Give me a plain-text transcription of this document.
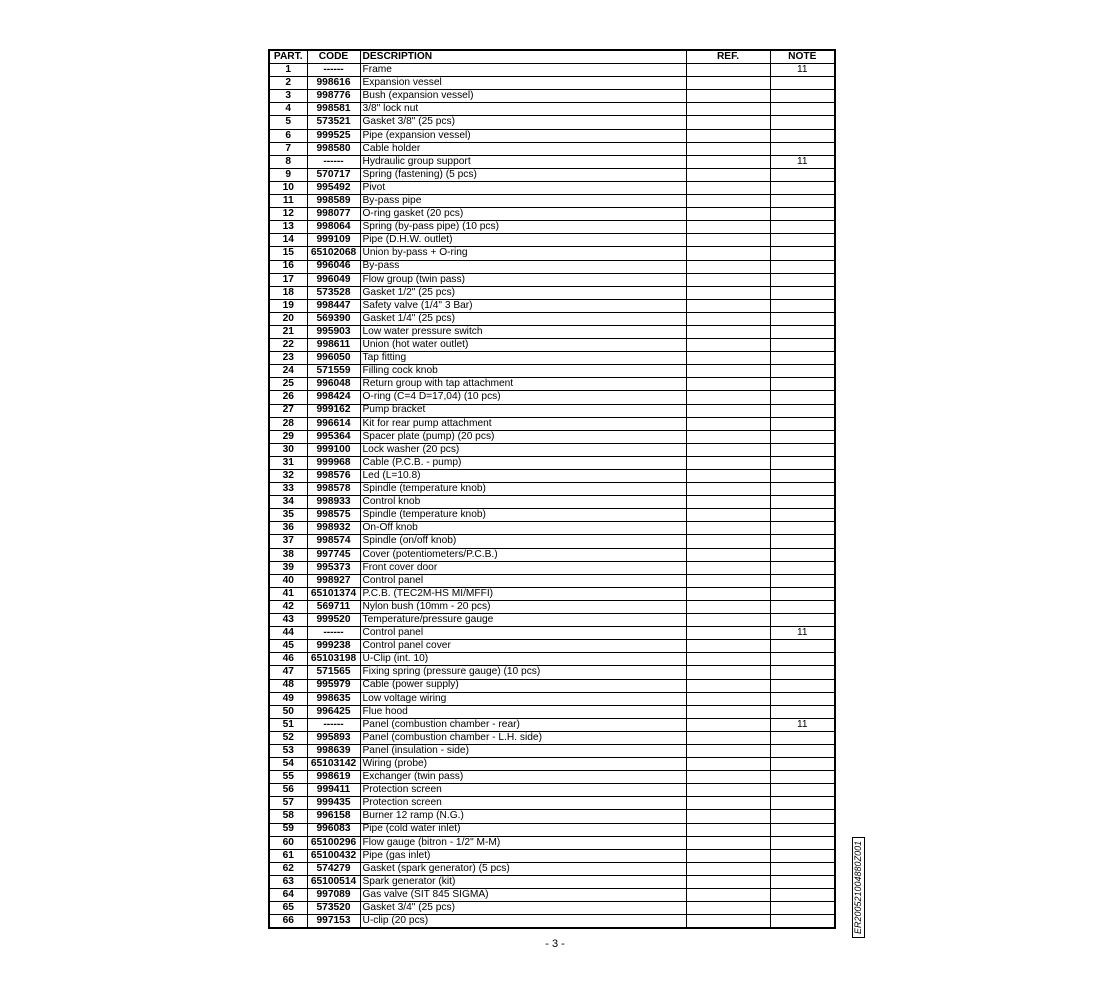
PART.	CODE	DESCRIPTION	REF.	NOTE
1	------	Frame		11
2	998616	Expansion vessel		
3	998776	Bush (expansion vessel)		
4	998581	3/8" lock nut		
5	573521	Gasket 3/8" (25 pcs)		
6	999525	Pipe (expansion vessel)		
7	998580	Cable holder		
8	------	Hydraulic group support		11
9	570717	Spring (fastening) (5 pcs)		
10	995492	Pivot		
11	998589	By-pass pipe		
12	998077	O-ring gasket (20 pcs)		
13	998064	Spring (by-pass pipe) (10 pcs)		
14	999109	Pipe (D.H.W. outlet)		
15	65102068	Union by-pass + O-ring		
16	996046	By-pass		
17	996049	Flow group (twin pass)		
18	573528	Gasket 1/2" (25 pcs)		
19	998447	Safety valve (1/4" 3 Bar)		
20	569390	Gasket 1/4" (25 pcs)		
21	995903	Low water pressure switch		
22	998611	Union (hot water outlet)		
23	996050	Tap fitting		
24	571559	Filling cock knob		
25	996048	Return group with tap attachment		
26	998424	O-ring (C=4 D=17,04) (10 pcs)		
27	999162	Pump bracket		
28	996614	Kit for rear pump attachment		
29	995364	Spacer plate (pump) (20 pcs)		
30	999100	Lock washer (20 pcs)		
31	999968	Cable (P.C.B. - pump)		
32	998576	Led (L=10.8)		
33	998578	Spindle (temperature knob)		
34	998933	Control knob		
35	998575	Spindle (temperature knob)		
36	998932	On-Off knob		
37	998574	Spindle (on/off knob)		
38	997745	Cover (potentiometers/P.C.B.)		
39	995373	Front cover door		
40	998927	Control panel		
41	65101374	P.C.B. (TEC2M-HS MI/MFFI)		
42	569711	Nylon bush (10mm - 20 pcs)		
43	999520	Temperature/pressure gauge		
44	------	Control panel		11
45	999238	Control panel cover		
46	65103198	U-Clip (int. 10)		
47	571565	Fixing spring (pressure gauge) (10 pcs)		
48	995979	Cable (power supply)		
49	998635	Low voltage wiring		
50	996425	Flue hood		
51	------	Panel (combustion chamber - rear)		11
52	995893	Panel (combustion chamber - L.H. side)		
53	998639	Panel (insulation - side)		
54	65103142	Wiring (probe)		
55	998619	Exchanger (twin pass)		
56	999411	Protection screen		
57	999435	Protection screen		
58	996158	Burner 12 ramp (N.G.)		
59	996083	Pipe (cold water inlet)		
60	65100296	Flow gauge (bitron - 1/2" M-M)		
61	65100432	Pipe (gas inlet)		
62	574279	Gasket (spark generator) (5 pcs)		
63	65100514	Spark generator (kit)		
64	997089	Gas valve (SIT 845 SIGMA)		
65	573520	Gasket 3/4" (25 pcs)		
66	997153	U-clip (20 pcs)		
- 3 -
ER200521004880Z001
